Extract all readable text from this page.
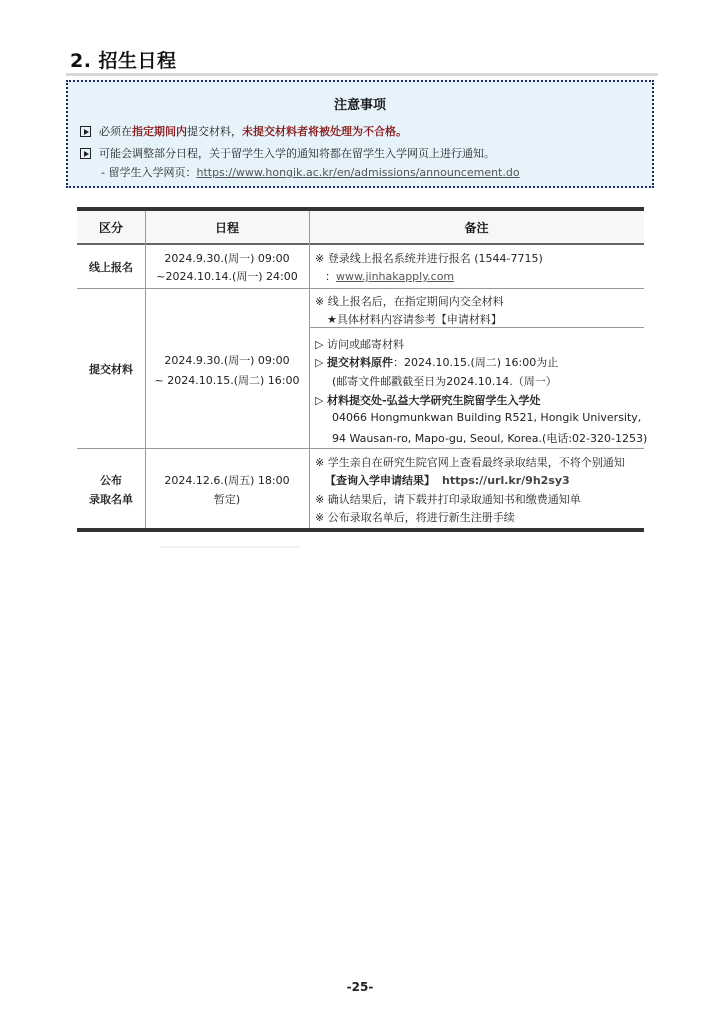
2. 招生日程
注意事项
必须在指定期间内提交材料，未提交材料者将被处理为不合格。
可能会调整部分日程，关于留学生入学的通知将都在留学生入学网页上进行通知。
- 留学生入学网页：https://www.hongik.ac.kr/en/admissions/announcement.do
区分	日程	备注
线上报名
2024.9.30.(周一) 09:00
~2024.10.14.(周一) 24:00
※ 登录线上报名系统并进行报名 (1544-7715)
：www.jinhakapply.com
提交材料
2024.9.30.(周一) 09:00
~ 2024.10.15.(周二) 16:00
※ 线上报名后，在指定期间内交全材料
★具体材料内容请参考【申请材料】
▷ 访问或邮寄材料
▷ 提交材料原件：2024.10.15.(周二) 16:00为止
(邮寄文件邮戳截至日为2024.10.14.（周一）
▷ 材料提交处-弘益大学研究生院留学生入学处
04066 Hongmunkwan Building R521, Hongik University,
94 Wausan-ro, Mapo-gu, Seoul, Korea.(电话:02-320-1253)
公布
录取名单
2024.12.6.(周五) 18:00
暂定)
※ 学生亲自在研究生院官网上查看最终录取结果，不将个别通知
【查询入学申请结果】 https://url.kr/9h2sy3
※ 确认结果后，请下载并打印录取通知书和缴费通知单
※ 公布录取名单后，将进行新生注册手续
-25-
